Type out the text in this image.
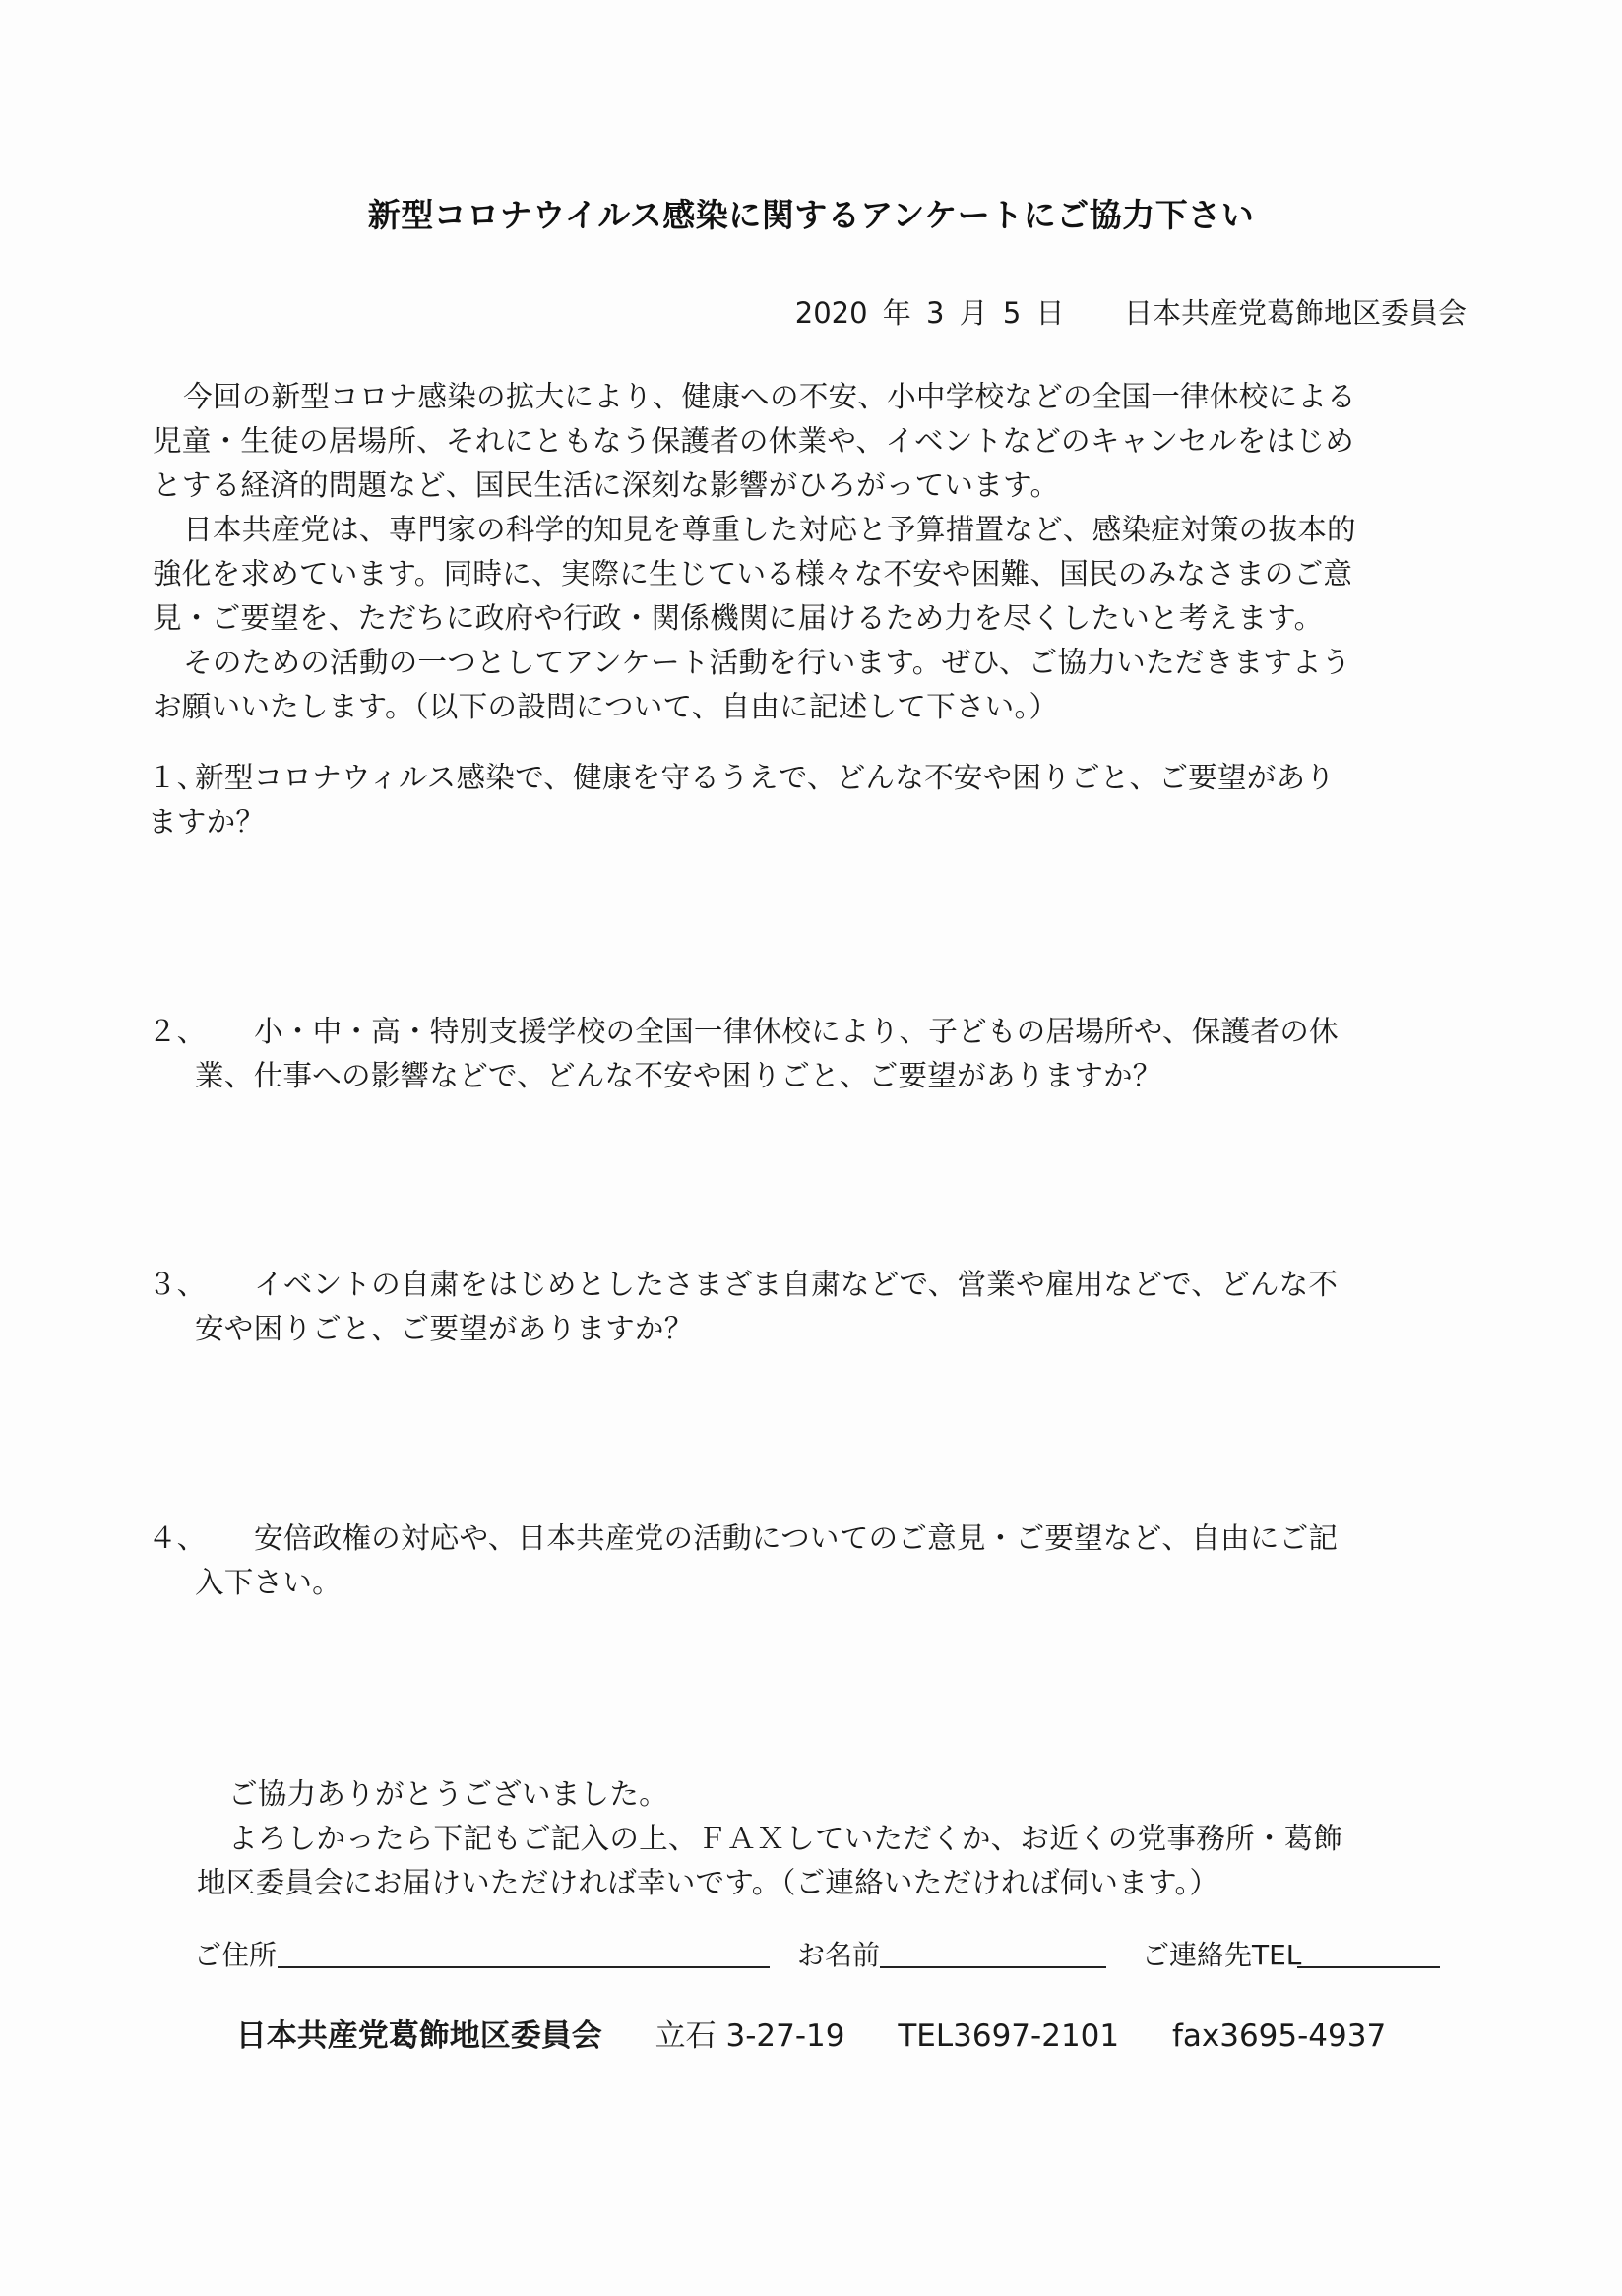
新型コロナウイルス感染に関するアンケートにご協力下さい
2020 年 3 月 5 日 日本共産党葛飾地区委員会
今回の新型コロナ感染の拡大により、健康への不安、小中学校などの全国一律休校による
児童・生徒の居場所、それにともなう保護者の休業や、イベントなどのキャンセルをはじめ
とする経済的問題など、国民生活に深刻な影響がひろがっています。
日本共産党は、専門家の科学的知見を尊重した対応と予算措置など、感染症対策の抜本的
強化を求めています。同時に、実際に生じている様々な不安や困難、国民のみなさまのご意
見・ご要望を、ただちに政府や行政・関係機関に届けるため力を尽くしたいと考えます。
そのための活動の一つとしてアンケート活動を行います。ぜひ、ご協力いただきますよう
お願いいたします。（以下の設問について、自由に記述して下さい。）
１、
新型コロナウィルス感染で、健康を守るうえで、どんな不安や困りごと、ご要望があり
ますか？
２、 小・中・高・特別支援学校の全国一律休校により、子どもの居場所や、保護者の休
業、仕事への影響などで、どんな不安や困りごと、ご要望がありますか？
３、 イベントの自粛をはじめとしたさまざま自粛などで、営業や雇用などで、どんな不
安や困りごと、ご要望がありますか？
４、 安倍政権の対応や、日本共産党の活動についてのご意見・ご要望など、自由にご記
入下さい。
ご協力ありがとうございました。
よろしかったら下記もご記入の上、ＦＡＸしていただくか、お近くの党事務所・葛飾
地区委員会にお届けいただければ幸いです。（ご連絡いただければ伺います。）
ご住所	お名前	ご連絡先TEL
日本共産党葛飾地区委員会 立石 3-27-19 TEL3697-2101 fax3695-4937
